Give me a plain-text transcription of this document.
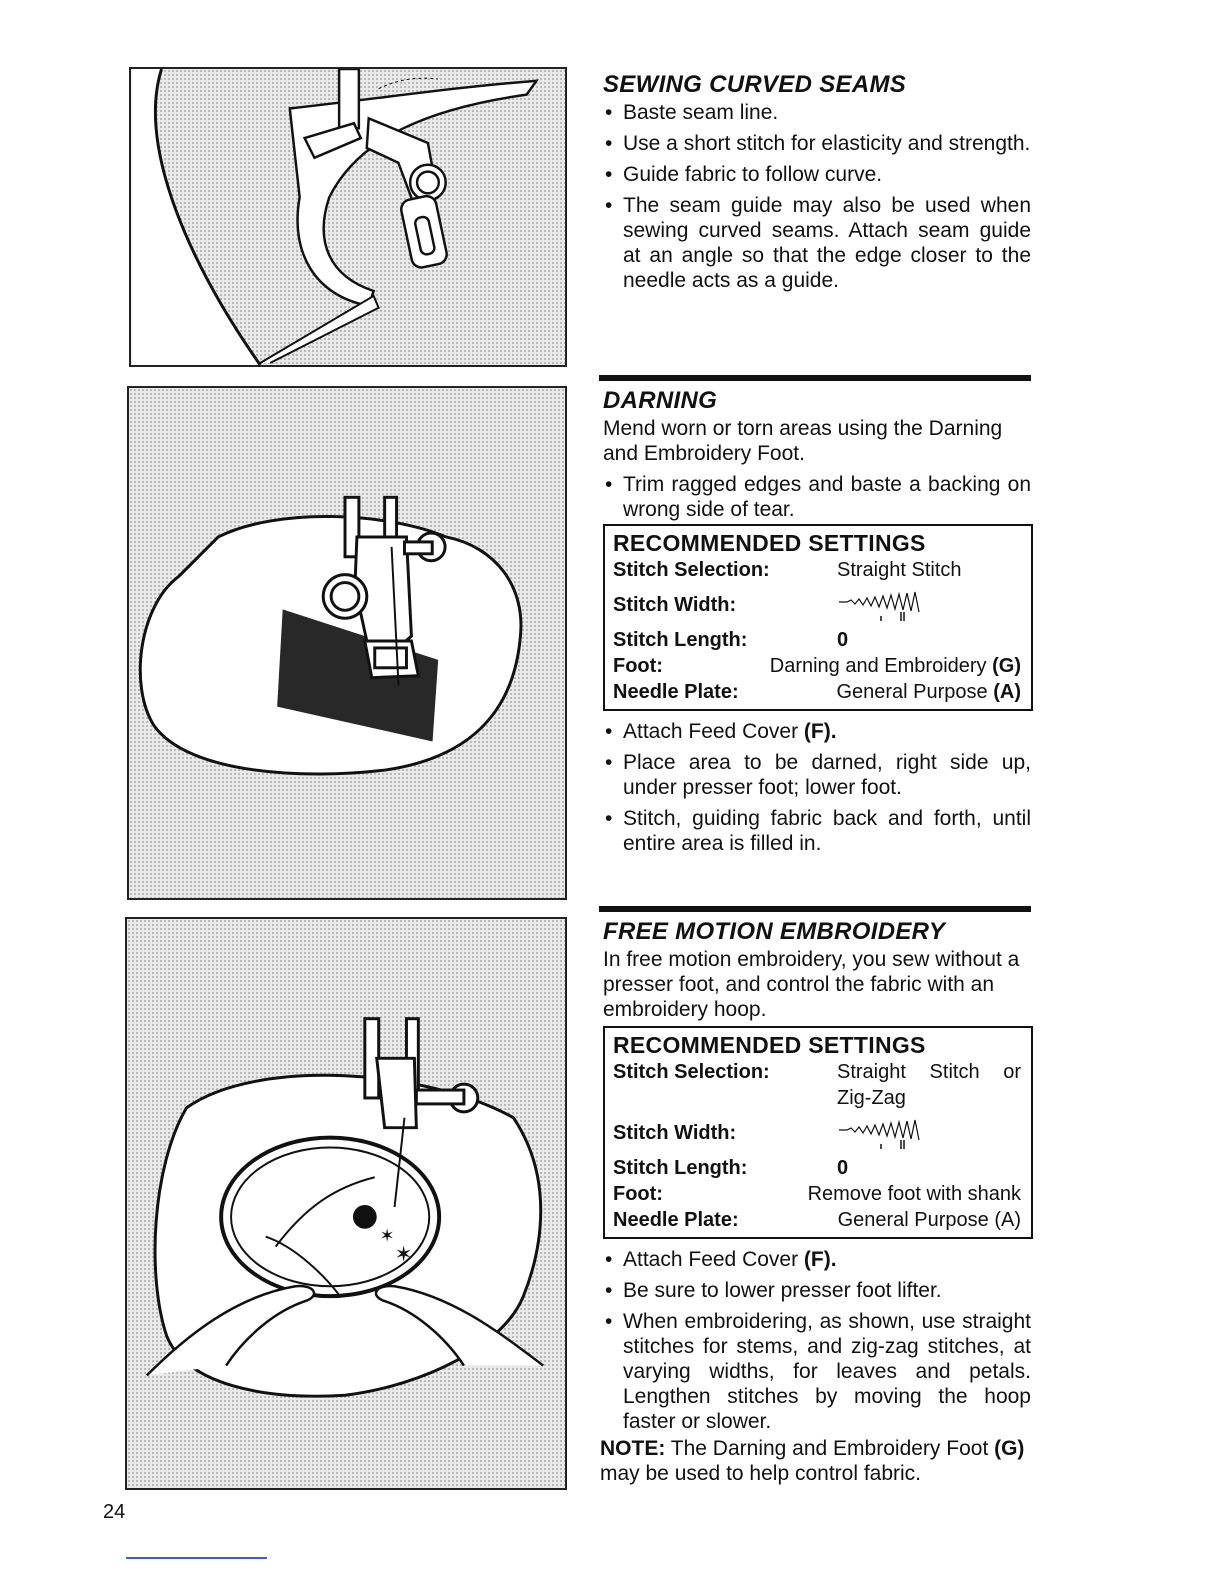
✶
✶
SEWING CURVED SEAMS
• Baste seam line.
• Use a short stitch for elasticity and strength.
• Guide fabric to follow curve.
• The seam guide may also be used when sewing curved seams. Attach seam guide at an angle so that the edge closer to the needle acts as a guide.
DARNING

Mend worn or torn areas using the Darning and Embroidery Foot.

• Trim ragged edges and baste a backing on wrong side of tear.
RECOMMENDED SETTINGS
Stitch Selection:	Straight Stitch
Stitch Width:
Stitch Length:	0
Foot:	Darning and Embroidery (G)
Needle Plate:	General Purpose (A)
• Attach Feed Cover (F).
• Place area to be darned, right side up, under presser foot; lower foot.
• Stitch, guiding fabric back and forth, until entire area is filled in.
FREE MOTION EMBROIDERY

In free motion embroidery, you sew without a presser foot, and control the fabric with an embroidery hoop.

RECOMMENDED SETTINGS
Stitch Selection:	Straight Stitch or
Zig-Zag
Stitch Width:
Stitch Length:	0
Foot:	Remove foot with shank
Needle Plate:	General Purpose (A)
• Attach Feed Cover (F).
• Be sure to lower presser foot lifter.
• When embroidering, as shown, use straight stitches for stems, and zig-zag stitches, at varying widths, for leaves and petals. Lengthen stitches by moving the hoop faster or slower.
NOTE: The Darning and Embroidery Foot (G) may be used to help control fabric.
24
